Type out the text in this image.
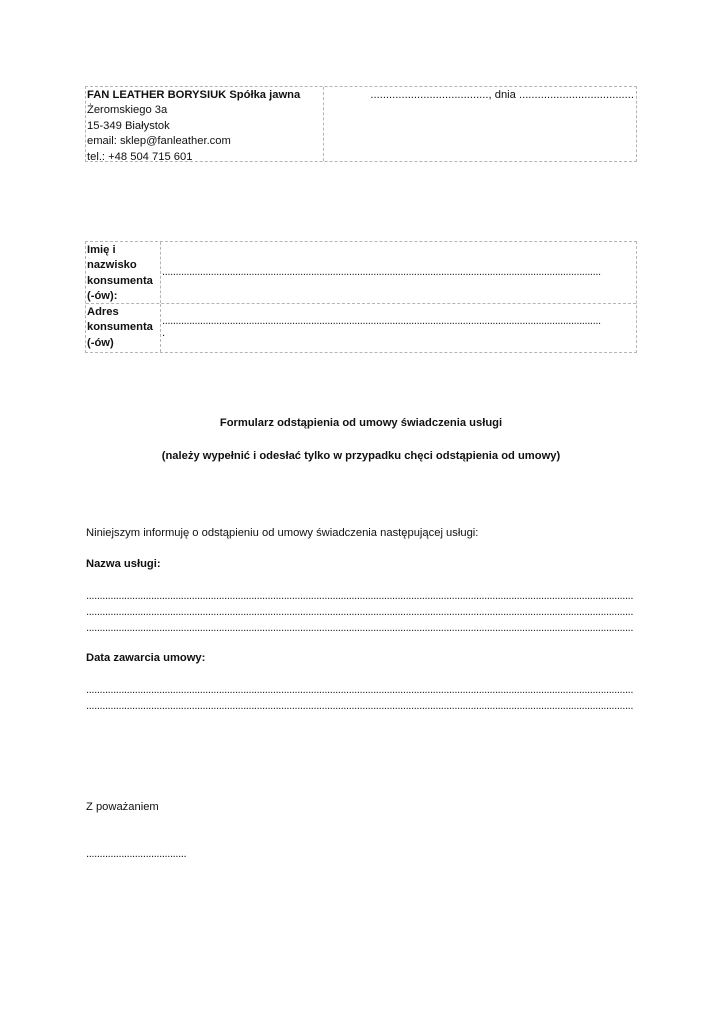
FAN LEATHER BORYSIUK Spółka jawna
Żeromskiego 3a
15-349 Białystok
email: sklep@fanleather.com
tel.: +48 504 715 601
......................................, dnia .....................................
Imię i nazwisko konsumenta (-ów):
..................................................................................................................................................................
Adres konsumenta (-ów)
..................................................................................................................................................................
.
Formularz odstąpienia od umowy świadczenia usługi
(należy wypełnić i odesłać tylko w przypadku chęci odstąpienia od umowy)
Niniejszym informuję o odstąpieniu od umowy świadczenia następującej usługi:
Nazwa usługi:
..........................................................................................................................................................................................................
..........................................................................................................................................................................................................
..........................................................................................................................................................................................................
Data zawarcia umowy:
..........................................................................................................................................................................................................
..........................................................................................................................................................................................................
Z poważaniem
.....................................
